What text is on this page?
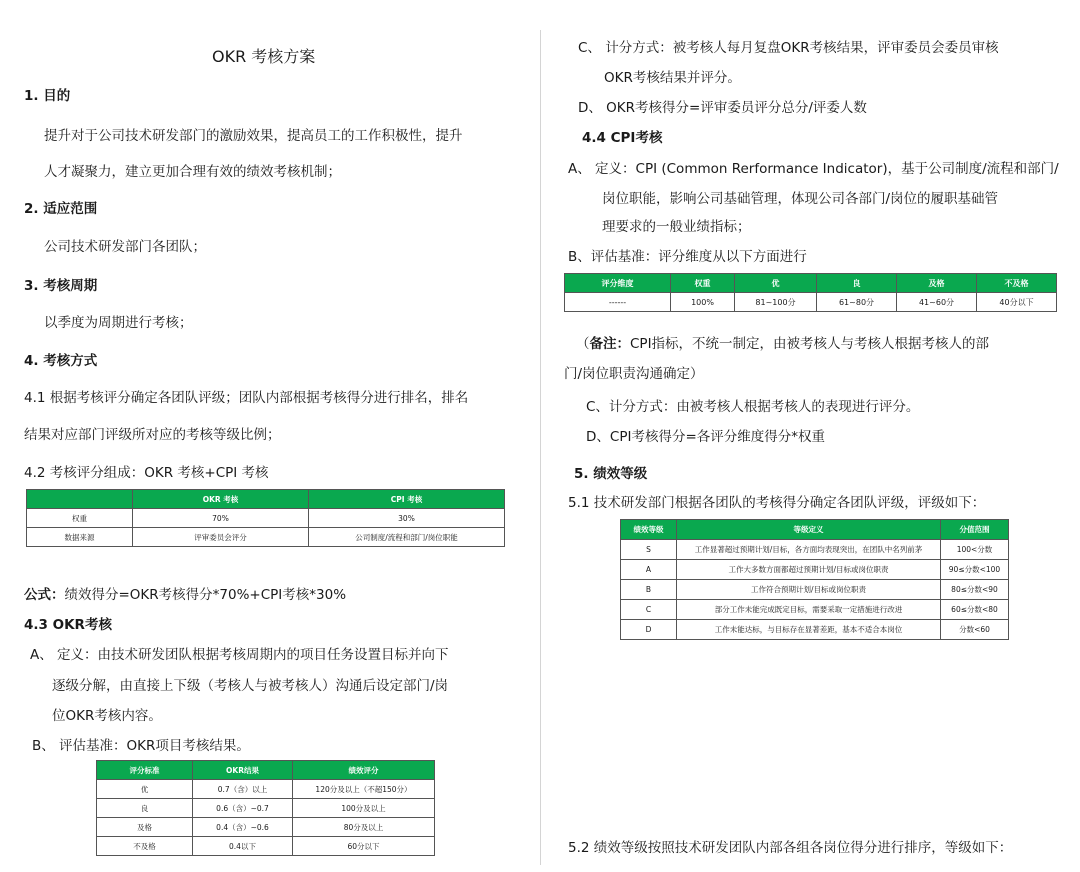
OKR 考核方案
1. 目的
提升对于公司技术研发部门的激励效果，提高员工的工作积极性，提升
人才凝聚力，建立更加合理有效的绩效考核机制；
2. 适应范围
公司技术研发部门各团队；
3. 考核周期
以季度为周期进行考核；
4. 考核方式
4.1 根据考核评分确定各团队评级；团队内部根据考核得分进行排名，排名
结果对应部门评级所对应的考核等级比例；
4.2 考核评分组成：OKR 考核+CPI 考核
	OKR 考核	CPI 考核
权重	70%	30%
数据来源	评审委员会评分	公司制度/流程和部门/岗位职能
公式：绩效得分=OKR考核得分*70%+CPI考核*30%
4.3 OKR考核
A、 定义：由技术研发团队根据考核周期内的项目任务设置目标并向下
逐级分解，由直接上下级（考核人与被考核人）沟通后设定部门/岗
位OKR考核内容。
B、 评估基准：OKR项目考核结果。
评分标准	OKR结果	绩效评分
优	0.7（含）以上	120分及以上（不超150分）
良	0.6（含）~0.7	100分及以上
及格	0.4（含）~0.6	80分及以上
不及格	0.4以下	60分以下
C、 计分方式：被考核人每月复盘OKR考核结果，评审委员会委员审核
OKR考核结果并评分。
D、 OKR考核得分=评审委员评分总分/评委人数
4.4 CPI考核
A、 定义：CPI (Common Rerformance Indicator)，基于公司制度/流程和部门/
岗位职能，影响公司基础管理，体现公司各部门/岗位的履职基础管
理要求的一般业绩指标；
B、评估基准：评分维度从以下方面进行
评分维度	权重	优	良	及格	不及格
------	100%	81~100分	61~80分	41~60分	40分以下
（备注：CPI指标，不统一制定，由被考核人与考核人根据考核人的部
门/岗位职责沟通确定）
C、计分方式：由被考核人根据考核人的表现进行评分。
D、CPI考核得分=各评分维度得分*权重
5. 绩效等级
5.1 技术研发部门根据各团队的考核得分确定各团队评级，评级如下：
绩效等级	等级定义	分值范围
S	工作显著超过预期计划/目标，各方面均表现突出，在团队中名列前茅	100<分数
A	工作大多数方面都超过预期计划/目标或岗位职责	90≤分数<100
B	工作符合预期计划/目标或岗位职责	80≤分数<90
C	部分工作未能完成既定目标，需要采取一定措施进行改进	60≤分数<80
D	工作未能达标，与目标存在显著差距，基本不适合本岗位	分数<60
5.2 绩效等级按照技术研发团队内部各组各岗位得分进行排序，等级如下：
